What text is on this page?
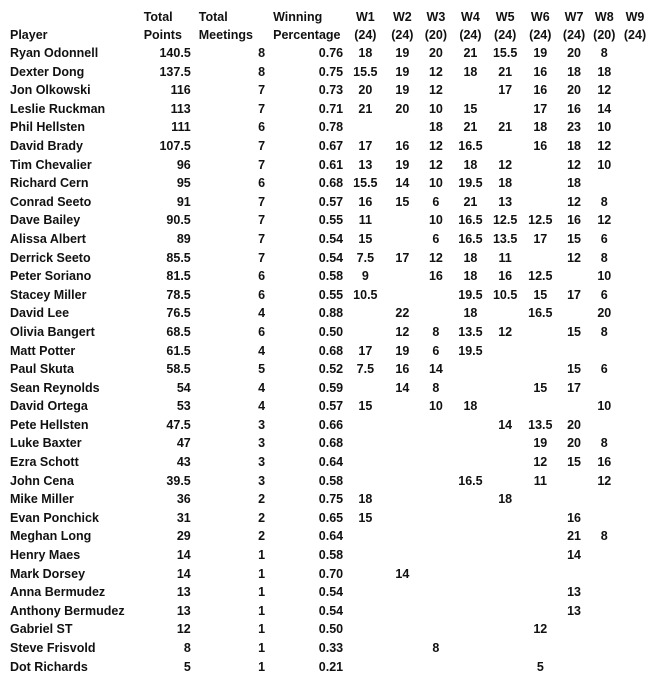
	Total	Total	Winning	W1	W2	W3	W4	W5	W6	W7	W8	W9
Player	Points	Meetings	Percentage	(24)	(24)	(20)	(24)	(24)	(24)	(24)	(20)	(24)
Ryan Odonnell	140.5	8	0.76	18	19	20	21	15.5	19	20	8	
Dexter Dong	137.5	8	0.75	15.5	19	12	18	21	16	18	18	
Jon Olkowski	116	7	0.73	20	19	12		17	16	20	12	
Leslie Ruckman	113	7	0.71	21	20	10	15		17	16	14	
Phil Hellsten	111	6	0.78			18	21	21	18	23	10	
David Brady	107.5	7	0.67	17	16	12	16.5		16	18	12	
Tim Chevalier	96	7	0.61	13	19	12	18	12		12	10	
Richard Cern	95	6	0.68	15.5	14	10	19.5	18		18		
Conrad Seeto	91	7	0.57	16	15	6	21	13		12	8	
Dave Bailey	90.5	7	0.55	11		10	16.5	12.5	12.5	16	12	
Alissa Albert	89	7	0.54	15		6	16.5	13.5	17	15	6	
Derrick Seeto	85.5	7	0.54	7.5	17	12	18	11		12	8	
Peter Soriano	81.5	6	0.58	9		16	18	16	12.5		10	
Stacey Miller	78.5	6	0.55	10.5			19.5	10.5	15	17	6	
David Lee	76.5	4	0.88		22		18		16.5		20	
Olivia Bangert	68.5	6	0.50		12	8	13.5	12		15	8	
Matt Potter	61.5	4	0.68	17	19	6	19.5					
Paul Skuta	58.5	5	0.52	7.5	16	14				15	6	
Sean Reynolds	54	4	0.59		14	8			15	17		
David Ortega	53	4	0.57	15		10	18				10	
Pete Hellsten	47.5	3	0.66					14	13.5	20		
Luke Baxter	47	3	0.68						19	20	8	
Ezra Schott	43	3	0.64						12	15	16	
John Cena	39.5	3	0.58				16.5		11		12	
Mike Miller	36	2	0.75	18				18				
Evan Ponchick	31	2	0.65	15						16		
Meghan Long	29	2	0.64							21	8	
Henry Maes	14	1	0.58							14		
Mark Dorsey	14	1	0.70		14							
Anna Bermudez	13	1	0.54							13		
Anthony Bermudez	13	1	0.54							13		
Gabriel ST	12	1	0.50						12			
Steve Frisvold	8	1	0.33			8						
Dot Richards	5	1	0.21						5			
